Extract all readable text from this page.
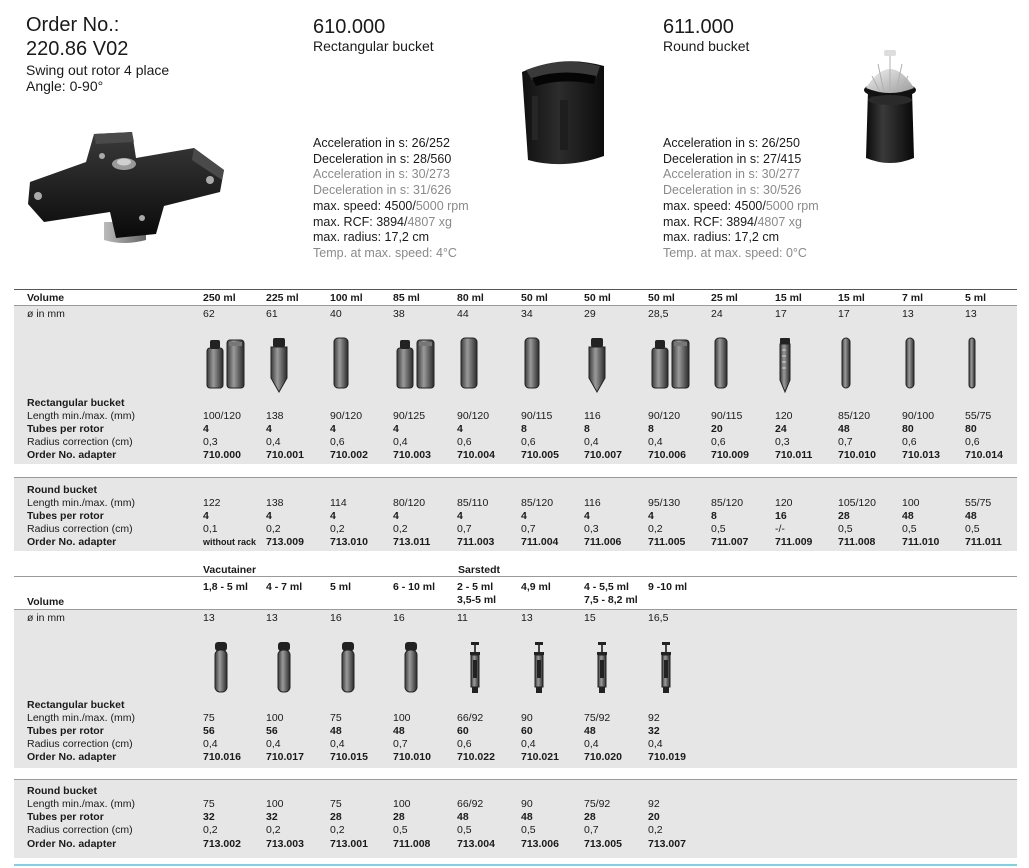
Order No.:
220.86 V02
Swing out rotor 4 place
Angle: 0-90°
610.000
Rectangular bucket
Acceleration in s: 26/252
Deceleration in s: 28/560
Acceleration in s: 30/273
Deceleration in s: 31/626
max. speed: 4500/5000 rpm
max. RCF: 3894/4807 xg
max. radius: 17,2 cm
Temp. at max. speed: 4°C
611.000
Round bucket
Acceleration in s: 26/250
Deceleration in s: 27/415
Acceleration in s: 30/277
Deceleration in s: 30/526
max. speed: 4500/5000 rpm
max. RCF: 3894/4807 xg
max. radius: 17,2 cm
Temp. at max. speed: 0°C
Volume
ø in mm
Rectangular bucket
Length min./max. (mm)
Tubes per rotor
Radius correction (cm)
Order No. adapter
Round bucket
Length min./max. (mm)
Tubes per rotor
Radius correction (cm)
Order No. adapter
250 ml
62
100/120
4
0,3
710.000
122
4
0,1
without rack
225 ml
61
138
4
0,4
710.001
138
4
0,2
713.009
100 ml
40
90/120
4
0,6
710.002
114
4
0,2
713.010
85 ml
38
90/125
4
0,4
710.003
80/120
4
0,2
713.011
80 ml
44
90/120
4
0,6
710.004
85/110
4
0,7
711.003
50 ml
34
90/115
8
0,6
710.005
85/120
4
0,7
711.004
50 ml
29
116
8
0,4
710.007
116
4
0,3
711.006
50 ml
28,5
90/120
8
0,4
710.006
95/130
4
0,2
711.005
25 ml
24
90/115
20
0,6
710.009
85/120
8
0,5
711.007
15 ml
17
120
24
0,3
710.011
120
16
-/-
711.009
15 ml
17
85/120
48
0,7
710.010
105/120
28
0,5
711.008
7 ml
13
90/100
80
0,6
710.013
100
48
0,5
711.010
5 ml
13
55/75
80
0,6
710.014
55/75
48
0,5
711.011
Vacutainer	Sarstedt
Volume
ø in mm
Rectangular bucket
Length min./max. (mm)
Tubes per rotor
Radius correction (cm)
Order No. adapter
Round bucket
Length min./max. (mm)
Tubes per rotor
Radius correction (cm)
Order No. adapter
1,8 - 5 ml
13
75
56
0,4
710.016
75
32
0,2
713.002
4 - 7 ml
13
100
56
0,4
710.017
100
32
0,2
713.003
5 ml
16
75
48
0,4
710.015
75
28
0,2
713.001
6 - 10 ml
16
100
48
0,7
710.010
100
28
0,5
711.008
2 - 5 ml
3,5-5 ml
11
66/92
60
0,6
710.022
66/92
48
0,5
713.004
4,9 ml
13
90
60
0,4
710.021
90
48
0,5
713.006
4 - 5,5 ml
7,5 - 8,2 ml
15
75/92
48
0,4
710.020
75/92
28
0,7
713.005
9 -10 ml
16,5
92
32
0,4
710.019
92
20
0,2
713.007
